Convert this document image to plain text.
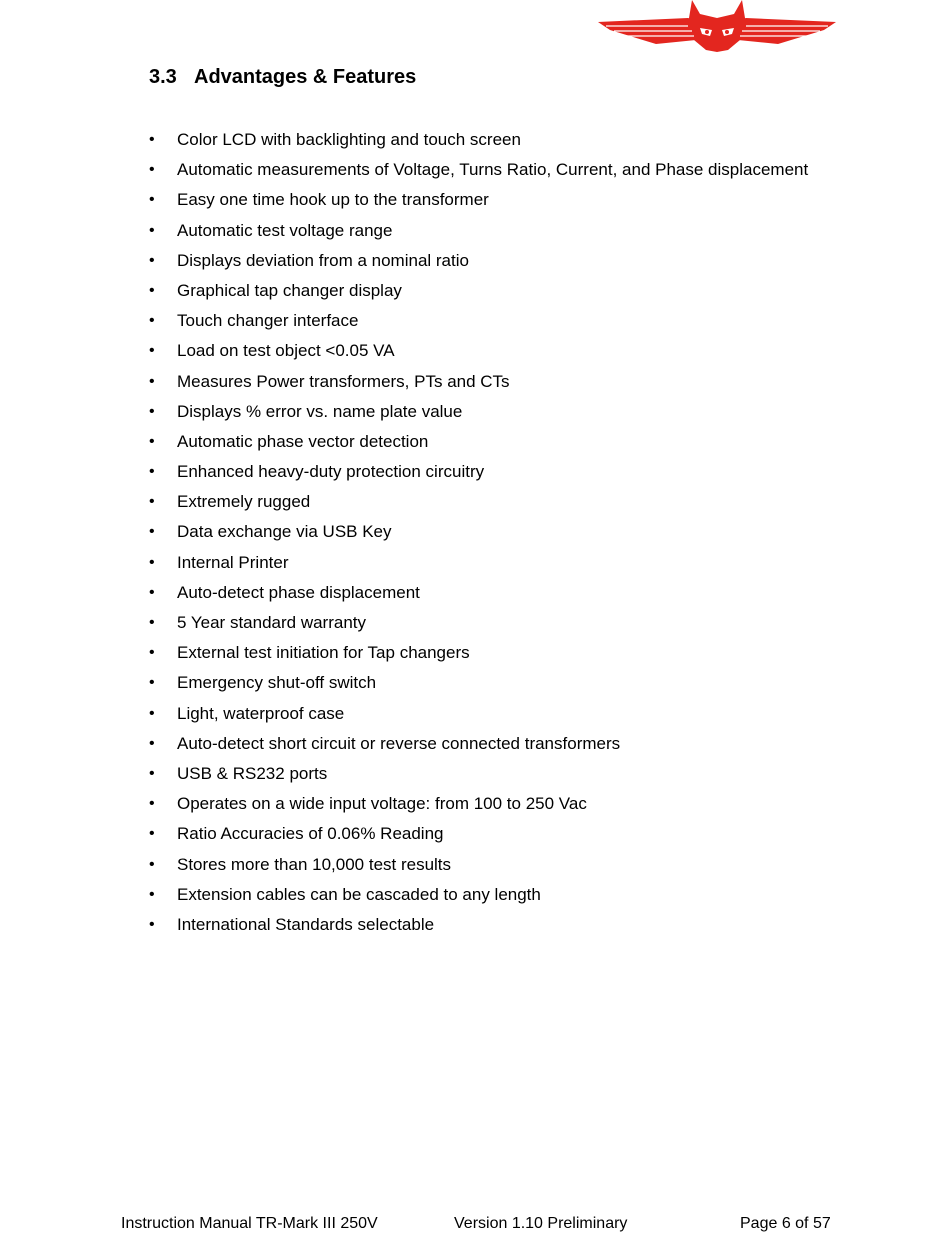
3.3 Advantages & Features
•	Color LCD with backlighting and touch screen
•	Automatic measurements of Voltage, Turns Ratio, Current, and Phase displacement
•	Easy one time hook up to the transformer
•	Automatic test voltage range
•	Displays deviation from a nominal ratio
•	Graphical tap changer display
•	Touch changer interface
•	Load on test object <0.05 VA
•	Measures Power transformers, PTs and CTs
•	Displays % error vs. name plate value
•	Automatic phase vector detection
•	Enhanced heavy-duty protection circuitry
•	Extremely rugged
•	Data exchange via USB Key
•	Internal Printer
•	Auto-detect phase displacement
•	5 Year standard warranty
•	External test initiation for Tap changers
•	Emergency shut-off switch
•	Light, waterproof case
•	Auto-detect short circuit or reverse connected transformers
•	USB & RS232 ports
•	Operates on a wide input voltage: from 100 to 250 Vac
•	Ratio Accuracies of 0.06% Reading
•	Stores more than 10,000 test results
•	Extension cables can be cascaded to any length
•	International Standards selectable
Instruction Manual TR-Mark III 250V	Version 1.10 Preliminary	Page 6 of 57
